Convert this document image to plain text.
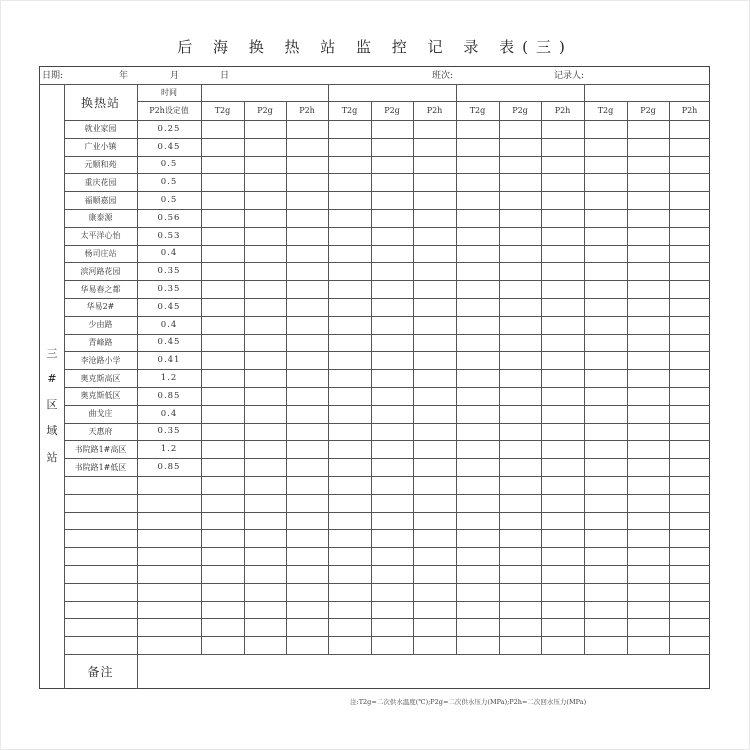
后 海 换 热 站 监 控 记 录 表(三)
日期:	年	月	日	班次:	记录人:
换热站
时间
P2h设定值	T2g	P2g	P2h	T2g	P2g	P2h	T2g	P2g	P2h	T2g	P2g	P2h
三
#
区
域
站
就业家园	0.25
广业小镇	0.45
元顺和苑	0.5
重庆花园	0.5
福顺嘉园	0.5
康泰源	0.56
太平洋心怡	0.53
杨司庄站	0.4
滨河路花园	0.35
华易春之都	0.35
华易2#	0.45
少由路	0.4
青峰路	0.45
李沧路小学	0.41
奥克斯高区	1.2
奥克斯低区	0.85
曲戈庄	0.4
天惠府	0.35
书院路1#高区	1.2
书院路1#低区	0.85
备注
注:T2g=二次供水温度(℃);P2g=二次供水压力(MPa);P2h=二次回水压力(MPa)
